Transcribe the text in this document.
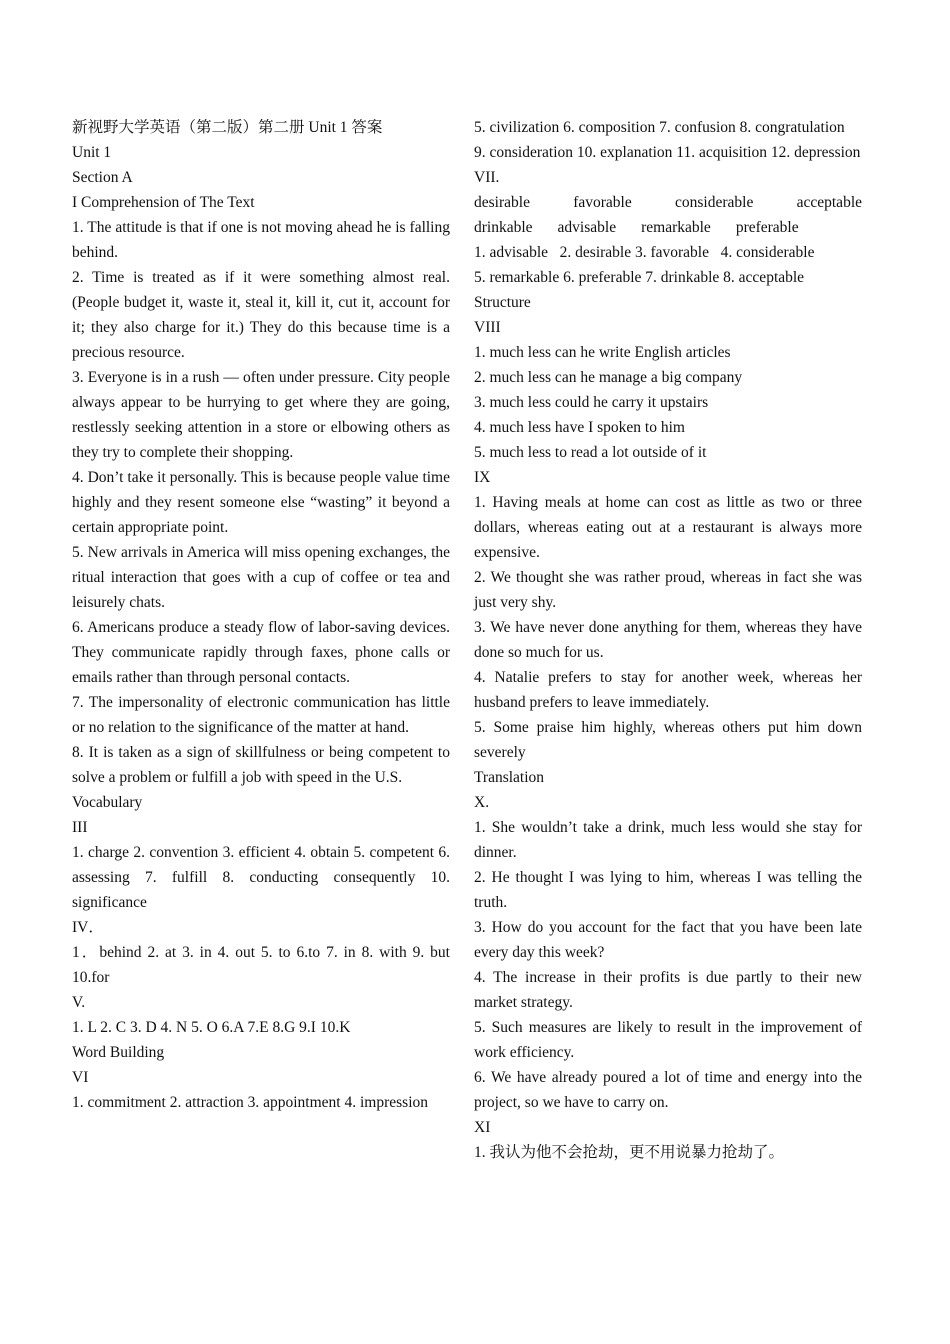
新视野大学英语（第二版）第二册 Unit 1 答案

Unit 1

Section A

I Comprehension of The Text

1. The attitude is that if one is not moving ahead he is falling behind.

2. Time is treated as if it were something almost real. (People budget it, waste it, steal it, kill it, cut it, account for it; they also charge for it.) They do this because time is a precious resource.

3. Everyone is in a rush — often under pressure. City people always appear to be hurrying to get where they are going, restlessly seeking attention in a store or elbowing others as they try to complete their shopping.

4. Don’t take it personally. This is because people value time highly and they resent someone else “wasting” it beyond a certain appropriate point.

5. New arrivals in America will miss opening exchanges, the ritual interaction that goes with a cup of coffee or tea and leisurely chats.

6. Americans produce a steady flow of labor-saving devices. They communicate rapidly through faxes, phone calls or emails rather than through personal contacts.

7. The impersonality of electronic communication has little or no relation to the significance of the matter at hand.

8. It is taken as a sign of skillfulness or being competent to solve a problem or fulfill a job with speed in the U.S.

Vocabulary

III

1. charge 2. convention 3. efficient 4. obtain 5. competent 6. assessing 7. fulfill 8. conducting consequently 10. significance

IV．

1．behind 2. at 3. in 4. out 5. to 6.to 7. in 8. with 9. but 10.for

V.

1. L 2. C 3. D 4. N 5. O 6.A 7.E 8.G 9.I 10.K

Word Building

VI

1. commitment 2. attraction 3. appointment 4. impression

5. civilization 6. composition 7. confusion 8. congratulation

9. consideration 10. explanation 11. acquisition 12. depression

VII.

desirable	favorable	considerable	acceptable
drinkable advisable remarkable preferable

1. advisable   2. desirable 3. favorable   4. considerable

5. remarkable 6. preferable 7. drinkable 8. acceptable

Structure

VIII

1. much less can he write English articles

2. much less can he manage a big company

3. much less could he carry it upstairs

4. much less have I spoken to him

5. much less to read a lot outside of it

IX

1. Having meals at home can cost as little as two or three dollars, whereas eating out at a restaurant is always more expensive.

2. We thought she was rather proud, whereas in fact she was just very shy.

3. We have never done anything for them, whereas they have done so much for us.

4. Natalie prefers to stay for another week, whereas her husband prefers to leave immediately.

5. Some praise him highly, whereas others put him down severely

Translation

X.

1. She wouldn’t take a drink, much less would she stay for dinner.

2. He thought I was lying to him, whereas I was telling the truth.

3. How do you account for the fact that you have been late every day this week?

4. The increase in their profits is due partly to their new market strategy.

5. Such measures are likely to result in the improvement of work efficiency.

6. We have already poured a lot of time and energy into the project, so we have to carry on.

XI

1. 我认为他不会抢劫，更不用说暴力抢劫了。
